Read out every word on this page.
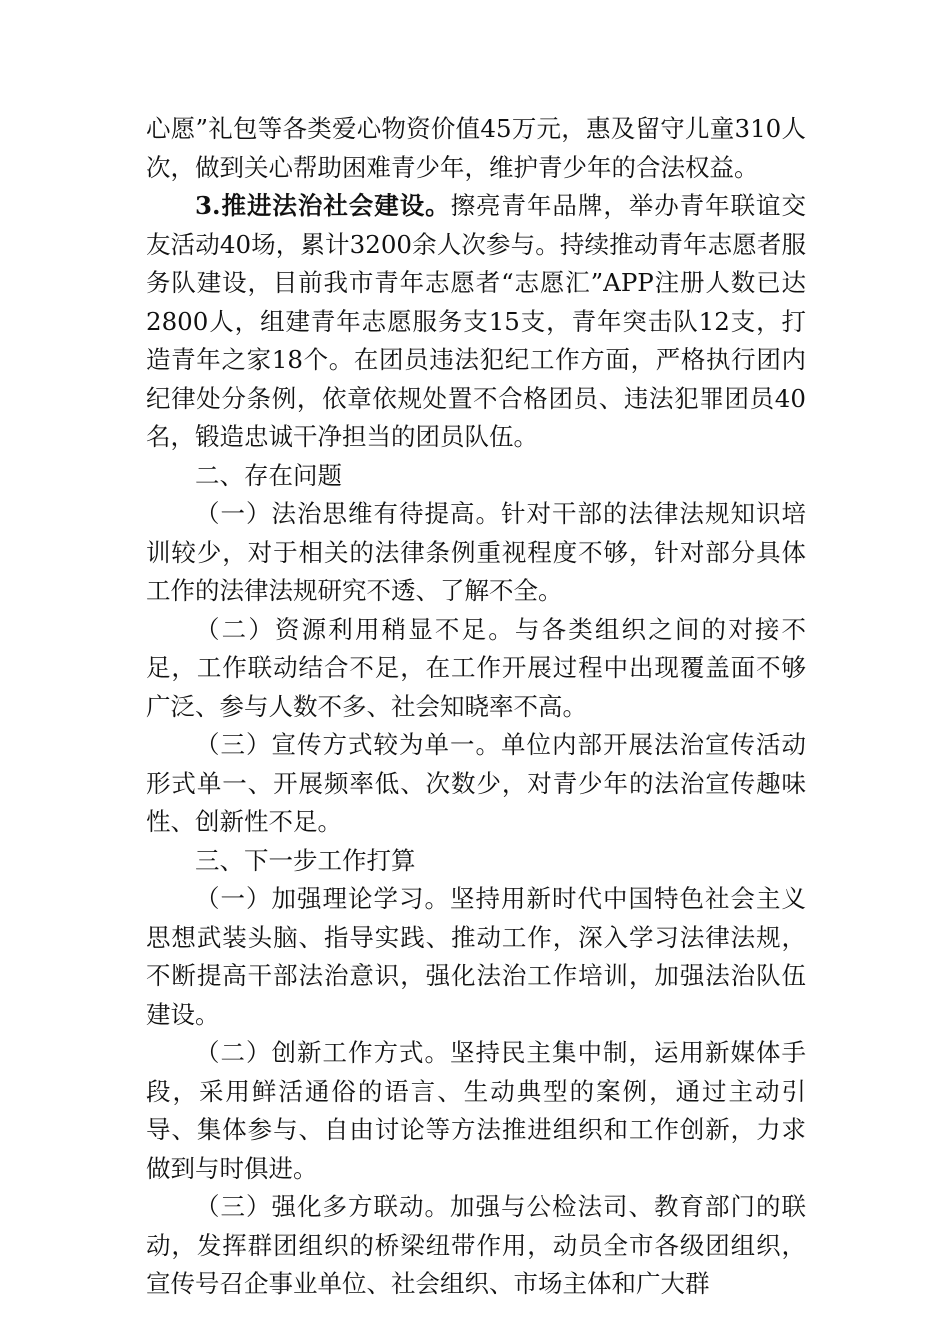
心愿”礼包等各类爱心物资价值45万元，惠及留守儿童310人次，做到关心帮助困难青少年，维护青少年的合法权益。

3.推进法治社会建设。擦亮青年品牌，举办青年联谊交友活动40场，累计3200余人次参与。持续推动青年志愿者服务队建设，目前我市青年志愿者“志愿汇”APP注册人数已达2800人，组建青年志愿服务支15支，青年突击队12支，打造青年之家18个。在团员违法犯纪工作方面，严格执行团内纪律处分条例，依章依规处置不合格团员、违法犯罪团员40名，锻造忠诚干净担当的团员队伍。

二、存在问题

（一）法治思维有待提高。针对干部的法律法规知识培训较少，对于相关的法律条例重视程度不够，针对部分具体工作的法律法规研究不透、了解不全。

（二）资源利用稍显不足。与各类组织之间的对接不足，工作联动结合不足，在工作开展过程中出现覆盖面不够广泛、参与人数不多、社会知晓率不高。

（三）宣传方式较为单一。单位内部开展法治宣传活动形式单一、开展频率低、次数少，对青少年的法治宣传趣味性、创新性不足。

三、下一步工作打算

（一）加强理论学习。坚持用新时代中国特色社会主义思想武装头脑、指导实践、推动工作，深入学习法律法规，不断提高干部法治意识，强化法治工作培训，加强法治队伍建设。

（二）创新工作方式。坚持民主集中制，运用新媒体手段，采用鲜活通俗的语言、生动典型的案例，通过主动引导、集体参与、自由讨论等方法推进组织和工作创新，力求做到与时俱进。

（三）强化多方联动。加强与公检法司、教育部门的联动，发挥群团组织的桥梁纽带作用，动员全市各级团组织，宣传号召企事业单位、社会组织、市场主体和广大群
